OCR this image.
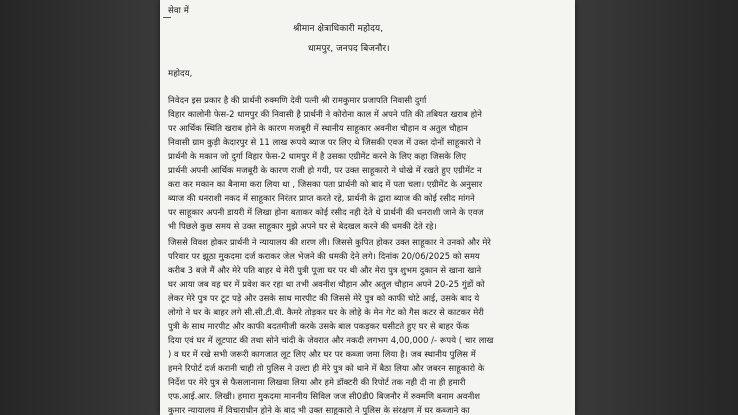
सेवा में
श्रीमान क्षेत्राधिकारी महोदय,
धामपुर, जनपद बिजनौर।
महोदय,
निवेदन इस प्रकार है की प्रार्थनी रुक्मणि देवी पत्नी श्री रामकुमार प्रजापति निवासी दुर्गा
विहार कालोनी फेस-2 धामपुर की निवासी है प्रार्थनी ने कोरोना काल में अपने पति की तबियत खराब होने
पर आर्थिक स्थिति खराब होने के कारण मजबूरी में स्थानीय साहूकार अवनीश चौहान व अतुल चौहान
निवासी ग्राम कुड़ी केदारपुर से 11 लाख रूपये ब्याज पर लिए थे जिसकी एवज में उक्त दोनों साहूकारो ने
प्रार्थनी के मकान जो दुर्गा विहार फेस-2 धामपुर में है उसका एग्रीमेंट करने के लिए कहा जिसके लिए
प्रार्थनी अपनी आर्थिक मजबूरी के कारण राजी हो गयी, पर उक्त साहूकारो ने धोखे में रखते हुए एग्रीमेंट न
करा कर मकान का बैनामा करा लिया था , जिसका पता प्रार्थनी को बाद में पता चला। एग्रीमेंट के अनुसार
ब्याज की धनराशी नकद में साहूकार निरंतर प्राप्त करते रहे, प्रार्थनी के द्वारा ब्याज की कोई रसीद मांगने
पर साहूकार अपनी डायरी में लिखा होना बताकर कोई रसीद नही देते थे प्रार्थनी की धनराशी जाने के एवज
भी पिछले कुछ समय से उक्त साहूकार मुझे अपने घर से बेदखल करने की धमकी देते रहे।
जिससे विवश होकर प्रार्थनी ने न्यायालय की शरण ली। जिससे कुपित होकर उक्त साहूकार ने उनको और मेरे
परिवार पर झूठा मुकदमा दर्ज कराकर जेल भेजने की धमकी देने लगे। दिनांक 20/06/2025 को समय
करीब 3 बजे मैं और मेरे पति बाहर थे मेरी पुत्री पूजा घर पर थी और मेरा पुत्र शुभम दुकान से खाना खाने
घर आया जब वह घर में प्रवेश कर रहा था तभी अवनीश चौहान और अतुल चौहान अपने 20-25 गुंडों को
लेकर मेरे पुत्र पर टूट पड़े और उसके साथ मारपीट की जिससे मेरे पुत्र को काफी चोटे आई, उसके बाद ये
लोगो ने घर के बाहर लगे सी.सी.टी.वी. कैमरे तोड़कर घर के लोहे के मेन गेट को गैस कटर से काटकर मेरी
पुत्री के साथ मारपीट और काफी बदतमीजी करके उसके बाल पकड़कर घसीटते हुए घर से बाहर फेंक
दिया एवं घर में लूटपाट की तथा सोने चांदी के जेवरात और नकदी लगभग 4,00,000 /- रूपये ( चार लाख
) व घर में रखे सभी जरूरी कागजात लूट लिए और घर पर कब्जा जमा लिया है। जब स्थानीय पुलिस में
हमने रिपोर्ट दर्ज करानी चाही तो पुलिस ने उल्टा ही मेरे पुत्र को थाने में बैठा लिया और जबरन साहूकारो के
निर्देश पर मेरे पुत्र से फैसलानामा लिखवा लिया और हमे डॉक्टरी की रिपोर्ट तक नही दी ना ही हमारी
एफ.आई.आर. लिखी। हमारा मुकदमा माननीय सिविल जज सी0डी0 बिजनौर में रुक्मणि बनाम अवनीश
कुमार न्यायालय में विचाराधीन होने के बाद भी उक्त साहूकारो ने पुलिस के संरक्षण में घर कब्जाने का
